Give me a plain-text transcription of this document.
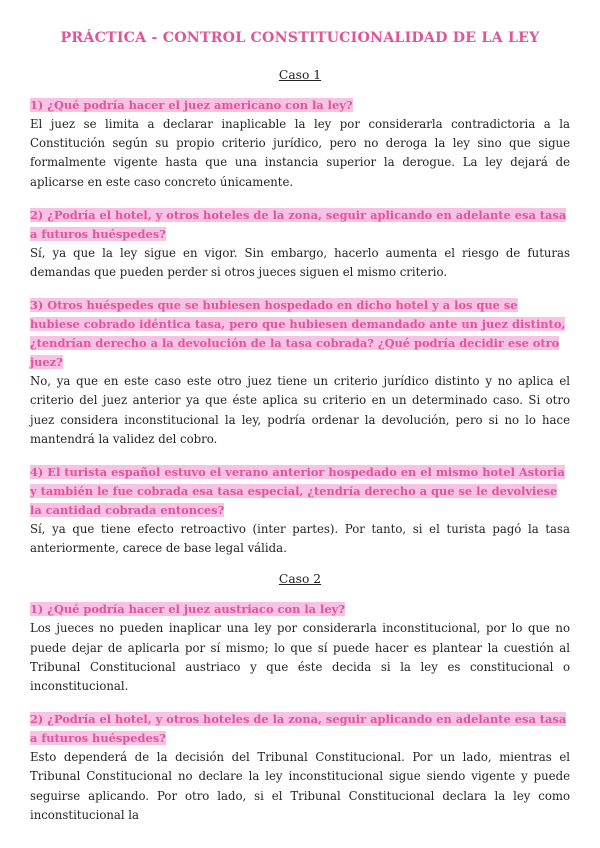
PRÁCTICA - CONTROL CONSTITUCIONALIDAD DE LA LEY
Caso 1

1) ¿Qué podría hacer el juez americano con la ley?

El juez se limita a declarar inaplicable la ley por considerarla contradictoria a la Constitución según su propio criterio jurídico, pero no deroga la ley sino que sigue formalmente vigente hasta que una instancia superior la derogue. La ley dejará de aplicarse en este caso concreto únicamente.

2) ¿Podría el hotel, y otros hoteles de la zona, seguir aplicando en adelante esa tasa a futuros huéspedes?

Sí, ya que la ley sigue en vigor. Sin embargo, hacerlo aumenta el riesgo de futuras demandas que pueden perder si otros jueces siguen el mismo criterio.

3) Otros huéspedes que se hubiesen hospedado en dicho hotel y a los que se hubiese cobrado idéntica tasa, pero que hubiesen demandado ante un juez distinto, ¿tendrían derecho a la devolución de la tasa cobrada? ¿Qué podría decidir ese otro juez?

No, ya que en este caso este otro juez tiene un criterio jurídico distinto y no aplica el criterio del juez anterior ya que éste aplica su criterio en un determinado caso. Si otro juez considera inconstitucional la ley, podría ordenar la devolución, pero si no lo hace mantendrá la validez del cobro.

4) El turista español estuvo el verano anterior hospedado en el mismo hotel Astoria y también le fue cobrada esa tasa especial, ¿tendría derecho a que se le devolviese la cantidad cobrada entonces?

Sí, ya que tiene efecto retroactivo (inter partes). Por tanto, si el turista pagó la tasa anteriormente, carece de base legal válida.

Caso 2

1) ¿Qué podría hacer el juez austriaco con la ley?

Los jueces no pueden inaplicar una ley por considerarla inconstitucional, por lo que no puede dejar de aplicarla por sí mismo; lo que sí puede hacer es plantear la cuestión al Tribunal Constitucional austriaco y que éste decida si la ley es constitucional o inconstitucional.

2) ¿Podría el hotel, y otros hoteles de la zona, seguir aplicando en adelante esa tasa a futuros huéspedes?

Esto dependerá de la decisión del Tribunal Constitucional. Por un lado, mientras el Tribunal Constitucional no declare la ley inconstitucional sigue siendo vigente y puede seguirse aplicando. Por otro lado, si el Tribunal Constitucional declara la ley como inconstitucional la
